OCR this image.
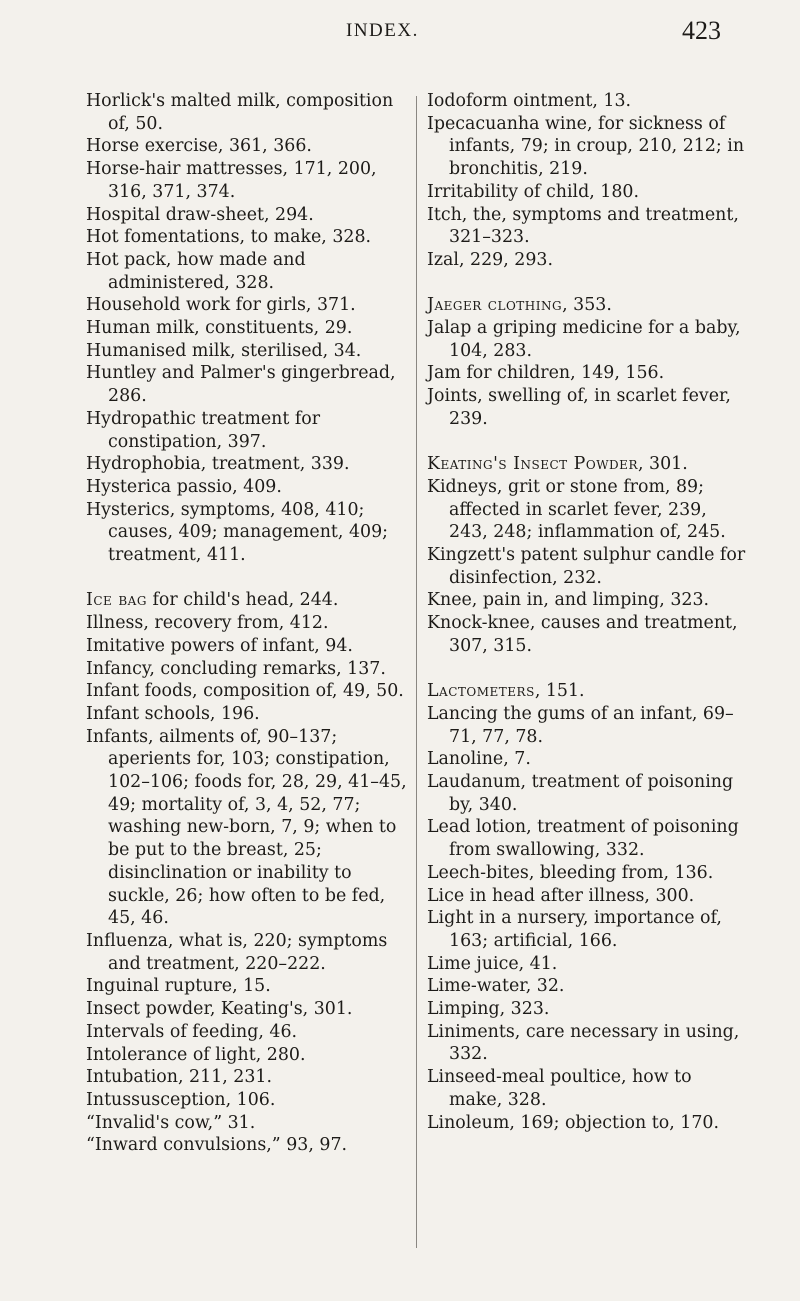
INDEX.	423

Horlick's malted milk, composition of, 50.

Horse exercise, 361, 366.

Horse-hair mattresses, 171, 200, 316, 371, 374.

Hospital draw-sheet, 294.

Hot fomentations, to make, 328.

Hot pack, how made and administered, 328.

Household work for girls, 371.

Human milk, constituents, 29.

Humanised milk, sterilised, 34.

Huntley and Palmer's gingerbread, 286.

Hydropathic treatment for constipation, 397.

Hydrophobia, treatment, 339.

Hysterica passio, 409.

Hysterics, symptoms, 408, 410; causes, 409; management, 409; treatment, 411.

Ice bag for child's head, 244.

Illness, recovery from, 412.

Imitative powers of infant, 94.

Infancy, concluding remarks, 137.

Infant foods, composition of, 49, 50.

Infant schools, 196.

Infants, ailments of, 90–137; aperients for, 103; constipation, 102–106; foods for, 28, 29, 41–45, 49; mortality of, 3, 4, 52, 77; washing new-born, 7, 9; when to be put to the breast, 25; disinclination or inability to suckle, 26; how often to be fed, 45, 46.

Influenza, what is, 220; symptoms and treatment, 220–222.

Inguinal rupture, 15.

Insect powder, Keating's, 301.

Intervals of feeding, 46.

Intolerance of light, 280.

Intubation, 211, 231.

Intussusception, 106.

“Invalid's cow,” 31.

“Inward convulsions,” 93, 97.

Iodoform ointment, 13.

Ipecacuanha wine, for sickness of infants, 79; in croup, 210, 212; in bronchitis, 219.

Irritability of child, 180.

Itch, the, symptoms and treatment, 321–323.

Izal, 229, 293.

Jaeger clothing, 353.

Jalap a griping medicine for a baby, 104, 283.

Jam for children, 149, 156.

Joints, swelling of, in scarlet fever, 239.

Keating's Insect Powder, 301.

Kidneys, grit or stone from, 89; affected in scarlet fever, 239, 243, 248; inflammation of, 245.

Kingzett's patent sulphur candle for disinfection, 232.

Knee, pain in, and limping, 323.

Knock-knee, causes and treatment, 307, 315.

Lactometers, 151.

Lancing the gums of an infant, 69–71, 77, 78.

Lanoline, 7.

Laudanum, treatment of poisoning by, 340.

Lead lotion, treatment of poisoning from swallowing, 332.

Leech-bites, bleeding from, 136.

Lice in head after illness, 300.

Light in a nursery, importance of, 163; artificial, 166.

Lime juice, 41.

Lime-water, 32.

Limping, 323.

Liniments, care necessary in using, 332.

Linseed-meal poultice, how to make, 328.

Linoleum, 169; objection to, 170.
